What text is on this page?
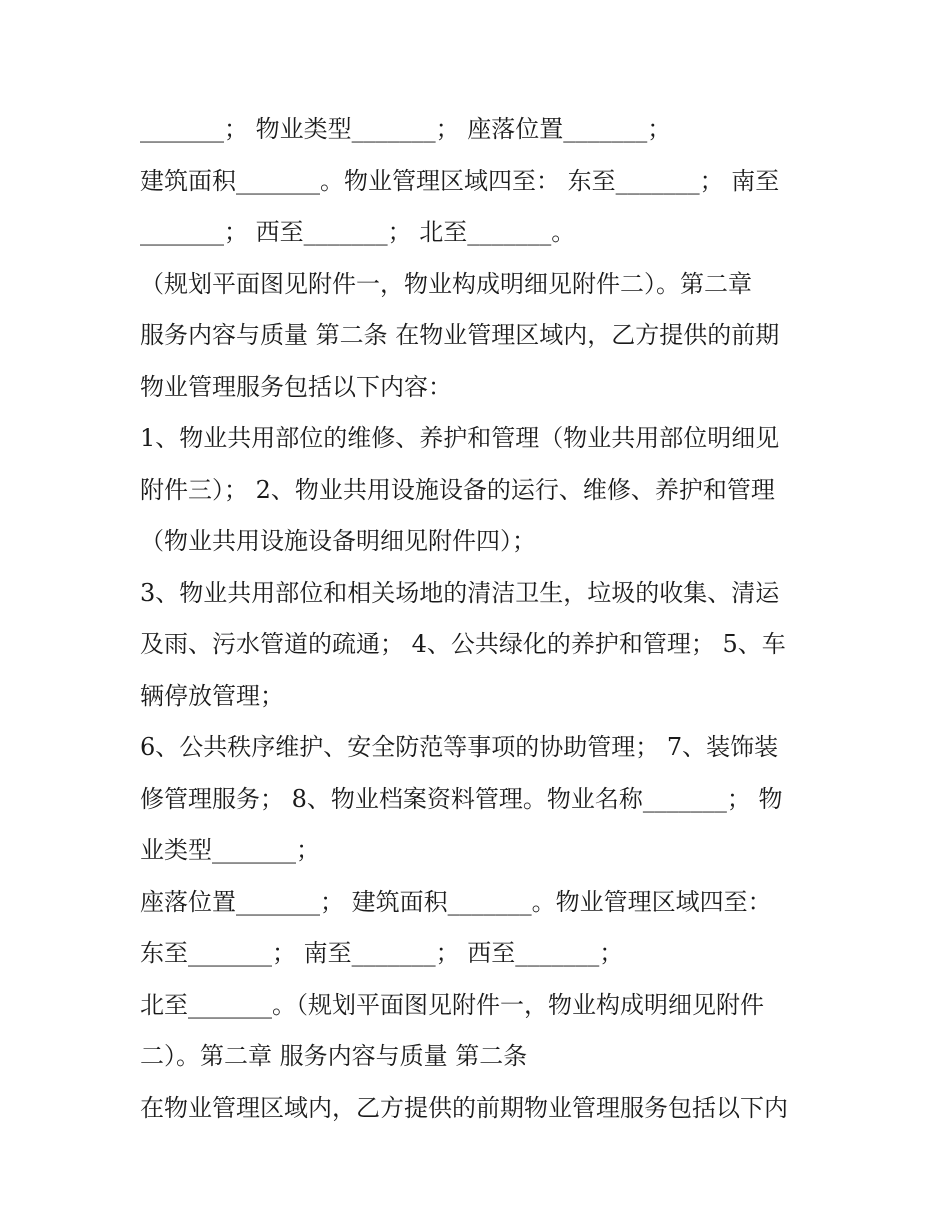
_______； 物业类型_______； 座落位置_______；
建筑面积_______。物业管理区域四至： 东至_______； 南至
_______； 西至_______； 北至_______。
（规划平面图见附件一，物业构成明细见附件二）。第二章
服务内容与质量 第二条 在物业管理区域内，乙方提供的前期
物业管理服务包括以下内容：
1、物业共用部位的维修、养护和管理（物业共用部位明细见
附件三）； 2、物业共用设施设备的运行、维修、养护和管理
（物业共用设施设备明细见附件四）；
3、物业共用部位和相关场地的清洁卫生，垃圾的收集、清运
及雨、污水管道的疏通； 4、公共绿化的养护和管理； 5、车
辆停放管理；
6、公共秩序维护、安全防范等事项的协助管理； 7、装饰装
修管理服务； 8、物业档案资料管理。物业名称_______； 物
业类型_______；
座落位置_______； 建筑面积_______。物业管理区域四至：
东至_______； 南至_______； 西至_______；
北至_______。（规划平面图见附件一，物业构成明细见附件
二）。第二章 服务内容与质量 第二条
在物业管理区域内，乙方提供的前期物业管理服务包括以下内
